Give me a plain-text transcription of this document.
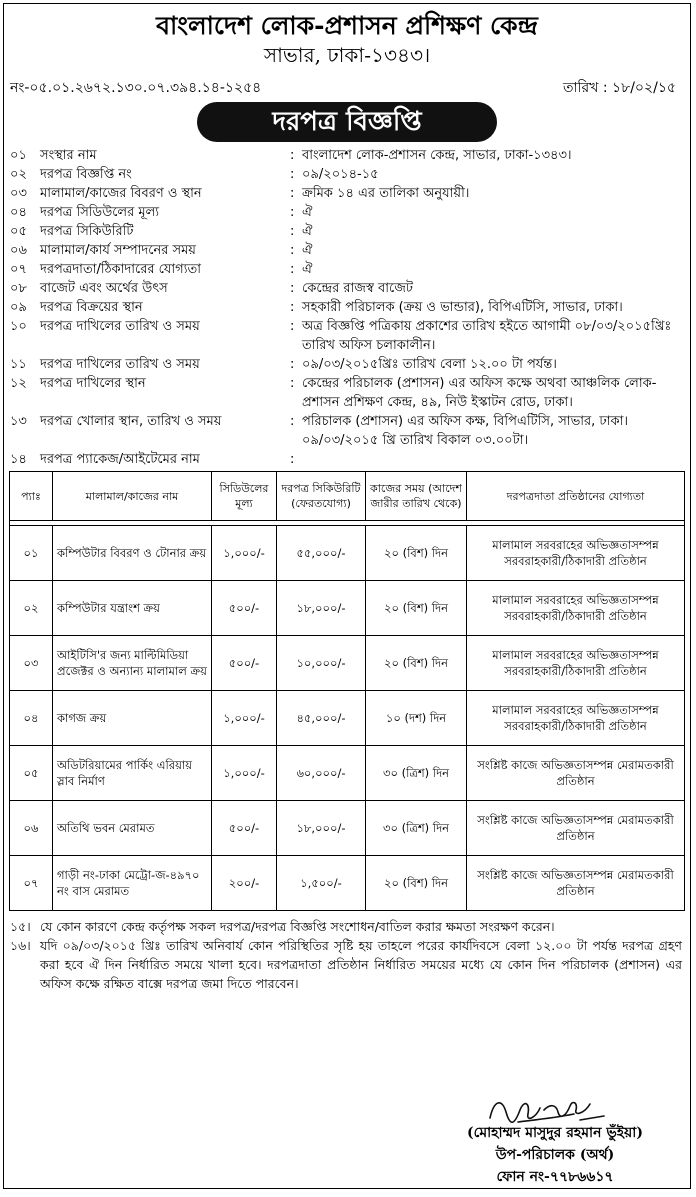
বাংলাদেশ লোক-প্রশাসন প্রশিক্ষণ কেন্দ্র
সাভার, ঢাকা-১৩৪৩।
নং-০৫.০১.২৬৭২.১৩০.০৭.৩৯৪.১৪-১২৫৪	তারিখ : ১৮/০২/১৫
দরপত্র বিজ্ঞপ্তি
০১	সংস্থার নাম	: বাংলাদেশ লোক-প্রশাসন কেন্দ্র, সাভার, ঢাকা-১৩৪৩।
০২	দরপত্র বিজ্ঞপ্তি নং	: ০৯/২০১৪-১৫
০৩	মালামাল/কাজের বিবরণ ও স্থান	: ক্রমিক ১৪ এর তালিকা অনুযায়ী।
০৪	দরপত্র সিডিউলের মূল্য	: ঐ
০৫	দরপত্র সিকিউরিটি	: ঐ
০৬	মালামাল/কার্য সম্পাদনের সময়	: ঐ
০৭	দরপত্রদাতা/ঠিকাদারের যোগ্যতা	: ঐ
০৮	বাজেট এবং অর্থের উৎস	: কেন্দ্রের রাজস্ব বাজেট
০৯	দরপত্র বিক্রয়ের স্থান	: সহকারী পরিচালক (ক্রয় ও ভান্ডার), বিপিএটিসি, সাভার, ঢাকা।
১০	দরপত্র দাখিলের তারিখ ও সময়	: অত্র বিজ্ঞপ্তি পত্রিকায় প্রকাশের তারিখ হইতে আগামী ০৮/০৩/২০১৫খ্রিঃ তারিখ অফিস চলাকালীন।
১১	দরপত্র দাখিলের তারিখ ও সময়	: ০৯/০৩/২০১৫খ্রিঃ তারিখ বেলা ১২.০০ টা পর্যন্ত।
১২	দরপত্র দাখিলের স্থান	: কেন্দ্রের পরিচালক (প্রশাসন) এর অফিস কক্ষে অথবা আঞ্চলিক লোক-প্রশাসন প্রশিক্ষণ কেন্দ্র, ৪৯, নিউ ইস্কাটন রোড, ঢাকা।
১৩	দরপত্র খোলার স্থান, তারিখ ও সময়	: পরিচালক (প্রশাসন) এর অফিস কক্ষ, বিপিএটিসি, সাভার, ঢাকা। ০৯/০৩/২০১৫ খ্রি তারিখ বিকাল ০৩.০০টা।
১৪	দরপত্র প্যাকেজ/আইটেমের নাম	:
প্যাঃ	মালামাল/কাজের নাম	সিডিউলের মূল্য	দরপত্র সিকিউরিটি (ফেরতযোগ্য)	কাজের সময় (আদেশ জারীর তারিখ থেকে)	দরপত্রদাতা প্রতিষ্ঠানের যোগ্যতা

০১	কম্পিউটার বিবরণ ও টোনার ক্রয়	১,০০০/-	৫৫,০০০/-	২০ (বিশ) দিন	মালামাল সরবরাহের অভিজ্ঞতাসম্পন্ন সরবরাহকারী/ঠিকাদারী প্রতিষ্ঠান
০২	কম্পিউটার যন্ত্রাংশ ক্রয়	৫০০/-	১৮,০০০/-	২০ (বিশ) দিন	মালামাল সরবরাহের অভিজ্ঞতাসম্পন্ন সরবরাহকারী/ঠিকাদারী প্রতিষ্ঠান
০৩	আইটিসি'র জন্য মাল্টিমিডিয়া প্রজেক্টর ও অন্যান্য মালামাল ক্রয়	৫০০/-	১০,০০০/-	২০ (বিশ) দিন	মালামাল সরবরাহের অভিজ্ঞতাসম্পন্ন সরবরাহকারী/ঠিকাদারী প্রতিষ্ঠান
০৪	কাগজ ক্রয়	১,০০০/-	৪৫,০০০/-	১০ (দশ) দিন	মালামাল সরবরাহের অভিজ্ঞতাসম্পন্ন সরবরাহকারী/ঠিকাদারী প্রতিষ্ঠান
০৫	অডিটরিয়ামের পার্কিং এরিয়ায় স্লাব নির্মাণ	১,০০০/-	৬০,০০০/-	৩০ (ত্রিশ) দিন	সংশ্লিষ্ট কাজে অভিজ্ঞতাসম্পন্ন মেরামতকারী প্রতিষ্ঠান
০৬	অতিথি ভবন মেরামত	৫০০/-	১৮,০০০/-	৩০ (ত্রিশ) দিন	সংশ্লিষ্ট কাজে অভিজ্ঞতাসম্পন্ন মেরামতকারী প্রতিষ্ঠান
০৭	গাড়ী নং-ঢাকা মেট্রো-জ-৪৯৭০ নং বাস মেরামত	২০০/-	১,৫০০/-	২০ (বিশ) দিন	সংশ্লিষ্ট কাজে অভিজ্ঞতাসম্পন্ন মেরামতকারী প্রতিষ্ঠান
১৫। যে কোন কারণে কেন্দ্র কর্তৃপক্ষ সকল দরপত্র/দরপত্র বিজ্ঞপ্তি সংশোধন/বাতিল করার ক্ষমতা সংরক্ষণ করেন।
১৬। যদি ০৯/০৩/২০১৫ খ্রিঃ তারিখ অনিবার্য কোন পরিস্থিতির সৃষ্টি হয় তাহলে পরের কার্যদিবসে বেলা ১২.০০ টা পর্যন্ত দরপত্র গ্রহণ করা হবে ঐ দিন নির্ধারিত সময়ে খালা হবে। দরপত্রদাতা প্রতিষ্ঠান নির্ধারিত সময়ের মধ্যে যে কোন দিন পরিচালক (প্রশাসন) এর অফিস কক্ষে রক্ষিত বাক্সে দরপত্র জমা দিতে পারবেন।
(মোহাম্মদ মাসুদুর রহমান ভুঁইয়া)
উপ-পরিচালক (অর্থ)
ফোন নং-৭৭৮৬৬১৭
